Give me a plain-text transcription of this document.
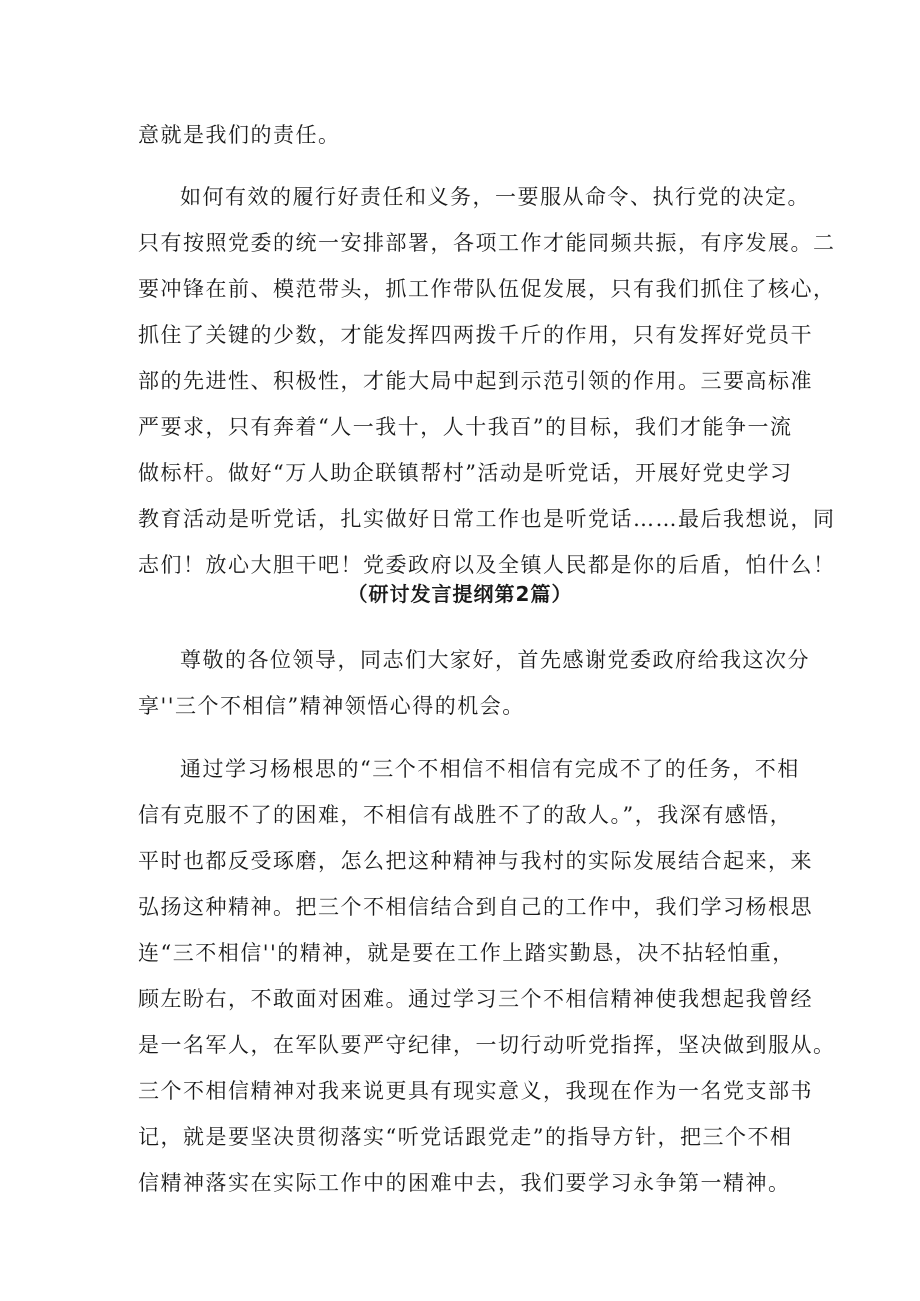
意就是我们的责任。
如何有效的履行好责任和义务，一要服从命令、执行党的决定。
只有按照党委的统一安排部署，各项工作才能同频共振，有序发展。二
要冲锋在前、模范带头，抓工作带队伍促发展，只有我们抓住了核心，
抓住了关键的少数，才能发挥四两拨千斤的作用，只有发挥好党员干
部的先进性、积极性，才能大局中起到示范引领的作用。三要高标准
严要求，只有奔着“人一我十，人十我百”的目标，我们才能争一流
做标杆。做好“万人助企联镇帮村”活动是听党话，开展好党史学习
教育活动是听党话，扎实做好日常工作也是听党话……最后我想说，同
志们！放心大胆干吧！党委政府以及全镇人民都是你的后盾，怕什么！
（研讨发言提纲第2篇）
尊敬的各位领导，同志们大家好，首先感谢党委政府给我这次分
享''三个不相信”精神领悟心得的机会。
通过学习杨根思的“三个不相信不相信有完成不了的任务，不相
信有克服不了的困难，不相信有战胜不了的敌人。”，我深有感悟，
平时也都反受琢磨，怎么把这种精神与我村的实际发展结合起来，来
弘扬这种精神。把三个不相信结合到自己的工作中，我们学习杨根思
连“三不相信''的精神，就是要在工作上踏实勤恳，决不拈轻怕重，
顾左盼右，不敢面对困难。通过学习三个不相信精神使我想起我曾经
是一名军人，在军队要严守纪律，一切行动听党指挥，坚决做到服从。
三个不相信精神对我来说更具有现实意义，我现在作为一名党支部书
记，就是要坚决贯彻落实“听党话跟党走”的指导方针，把三个不相
信精神落实在实际工作中的困难中去，我们要学习永争第一精神。
